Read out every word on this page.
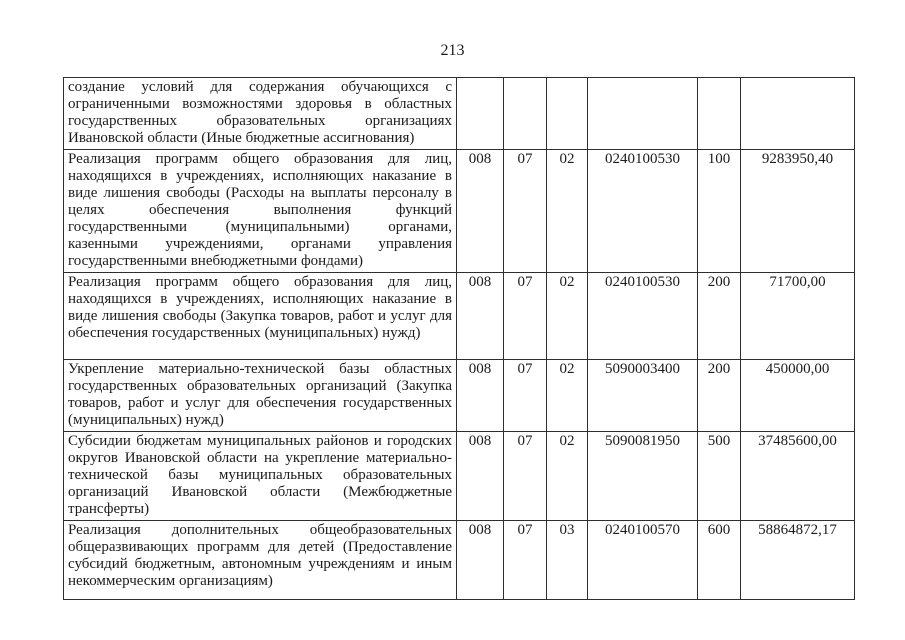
213
создание условий для содержания обучающихся с ограниченными возможностями здоровья в областных государственных образовательных организациях Ивановской области (Иные бюджетные ассигнования)						
Реализация программ общего образования для лиц, находящихся в учреждениях, исполняющих наказание в виде лишения свободы (Расходы на выплаты персоналу в целях обеспечения выполнения функций государственными (муниципальными) органами, казенными учреждениями, органами управления государственными внебюджетными фондами)	008	07	02	0240100530	100	9283950,40
Реализация программ общего образования для лиц, находящихся в учреждениях, исполняющих наказание в виде лишения свободы (Закупка товаров, работ и услуг для обеспечения государственных (муниципальных) нужд)	008	07	02	0240100530	200	71700,00
Укрепление материально-технической базы областных государственных образовательных организаций (Закупка товаров, работ и услуг для обеспечения государственных (муниципальных) нужд)	008	07	02	5090003400	200	450000,00
Субсидии бюджетам муниципальных районов и городских округов Ивановской области на укрепление материально-технической базы муниципальных образовательных организаций Ивановской области (Межбюджетные трансферты)	008	07	02	5090081950	500	37485600,00
Реализация дополнительных общеобразовательных общеразвивающих программ для детей (Предоставление субсидий бюджетным, автономным учреждениям и иным некоммерческим организациям)	008	07	03	0240100570	600	58864872,17
